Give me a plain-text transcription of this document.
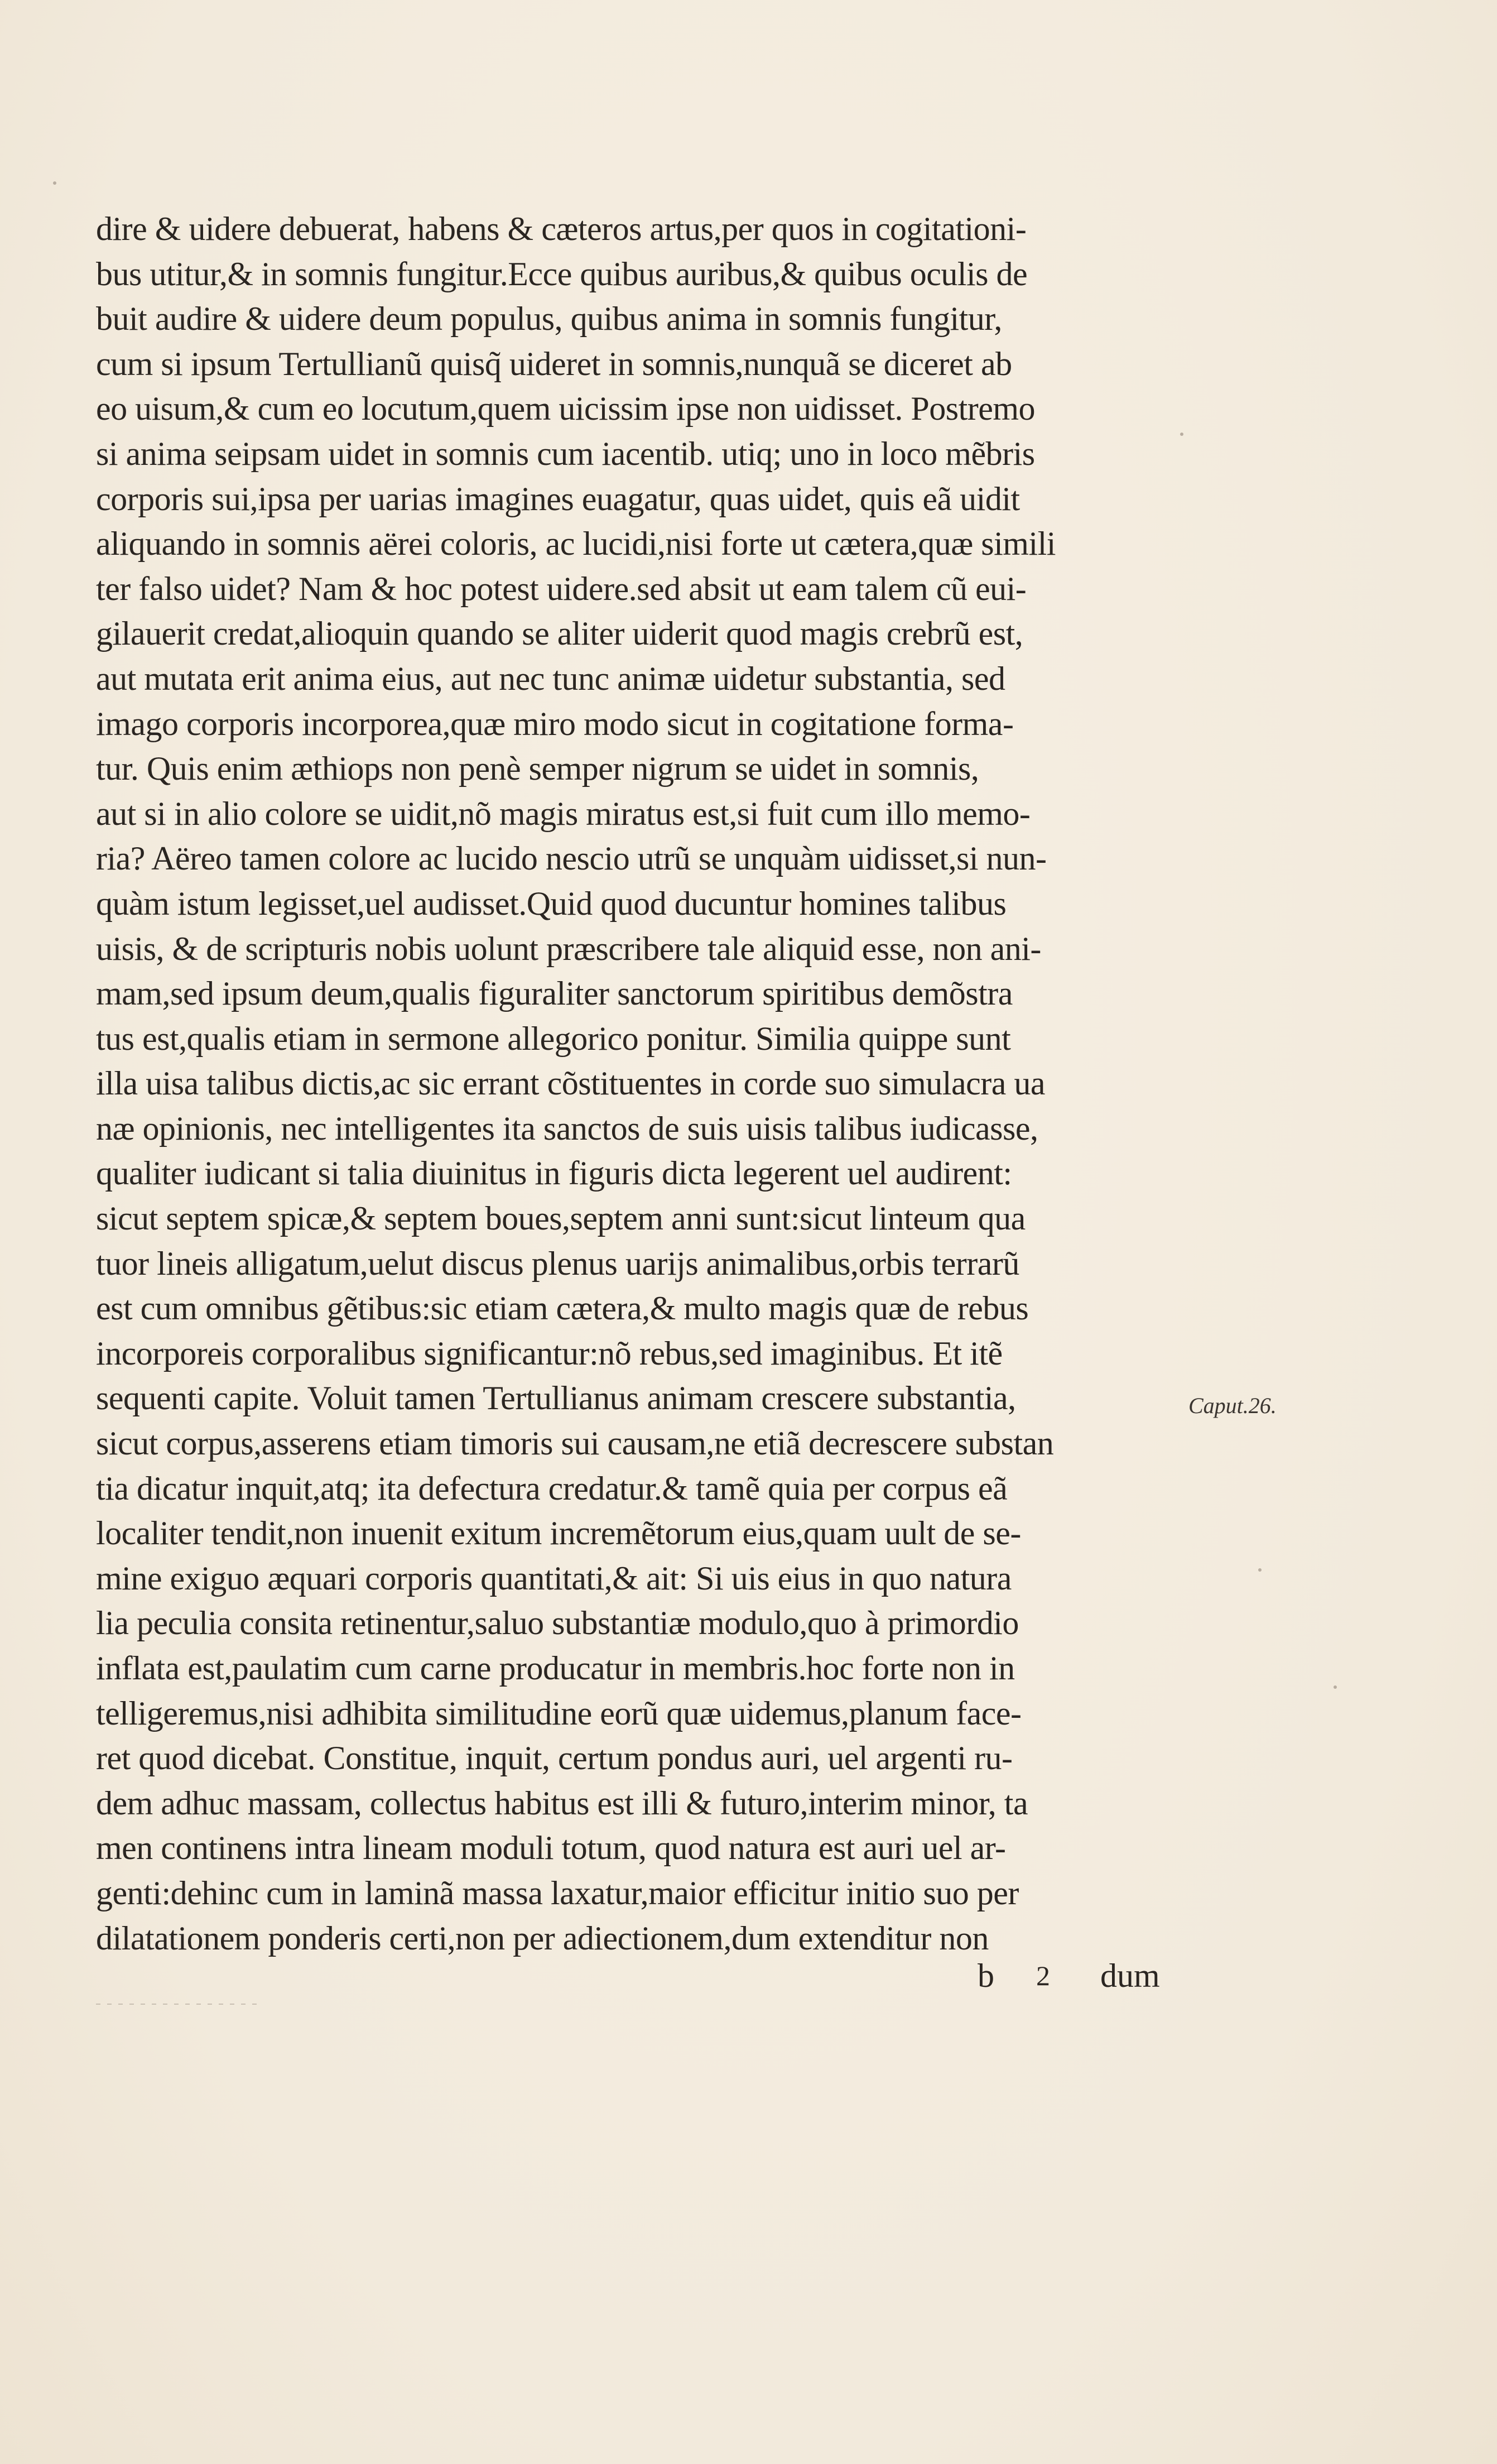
dire & uidere debuerat, habens & cæteros artus,per quos in cogitationi-
bus utitur,& in somnis fungitur.Ecce quibus auribus,& quibus oculis de
buit audire & uidere deum populus, quibus anima in somnis fungitur,
cum si ipsum Tertullianũ quisq̃ uideret in somnis,nunquã se diceret ab
eo uisum,& cum eo locutum,quem uicissim ipse non uidisset. Postremo
si anima seipsam uidet in somnis cum iacentib. utiq; uno in loco mẽbris
corporis sui,ipsa per uarias imagines euagatur, quas uidet, quis eã uidit
aliquando in somnis aërei coloris, ac lucidi,nisi forte ut cætera,quæ simili
ter falso uidet? Nam & hoc potest uidere.sed absit ut eam talem cũ eui-
gilauerit credat,alioquin quando se aliter uiderit quod magis crebrũ est,
aut mutata erit anima eius, aut nec tunc animæ uidetur substantia, sed
imago corporis incorporea,quæ miro modo sicut in cogitatione forma-
tur. Quis enim æthiops non penè semper nigrum se uidet in somnis,
aut si in alio colore se uidit,nõ magis miratus est,si fuit cum illo memo-
ria? Aëreo tamen colore ac lucido nescio utrũ se unquàm uidisset,si nun-
quàm istum legisset,uel audisset.Quid quod ducuntur homines talibus
uisis, & de scripturis nobis uolunt præscribere tale aliquid esse, non ani-
mam,sed ipsum deum,qualis figuraliter sanctorum spiritibus demõstra
tus est,qualis etiam in sermone allegorico ponitur. Similia quippe sunt
illa uisa talibus dictis,ac sic errant cõstituentes in corde suo simulacra ua
næ opinionis, nec intelligentes ita sanctos de suis uisis talibus iudicasse,
qualiter iudicant si talia diuinitus in figuris dicta legerent uel audirent:
sicut septem spicæ,& septem boues,septem anni sunt:sicut linteum qua
tuor lineis alligatum,uelut discus plenus uarijs animalibus,orbis terrarũ
est cum omnibus gẽtibus:sic etiam cætera,& multo magis quæ de rebus
incorporeis corporalibus significantur:nõ rebus,sed imaginibus. Et itẽ
sequenti capite. Voluit tamen Tertullianus animam crescere substantia,
sicut corpus,asserens etiam timoris sui causam,ne etiã decrescere substan
tia dicatur inquit,atq; ita defectura credatur.& tamẽ quia per corpus eã
localiter tendit,non inuenit exitum incremẽtorum eius,quam uult de se-
mine exiguo æquari corporis quantitati,& ait: Si uis eius in quo natura
lia peculia consita retinentur,saluo substantiæ modulo,quo à primordio
inflata est,paulatim cum carne producatur in membris.hoc forte non in
telligeremus,nisi adhibita similitudine eorũ quæ uidemus,planum face-
ret quod dicebat. Constitue, inquit, certum pondus auri, uel argenti ru-
dem adhuc massam, collectus habitus est illi & futuro,interim minor, ta
men continens intra lineam moduli totum, quod natura est auri uel ar-
genti:dehinc cum in laminã massa laxatur,maior efficitur initio suo per
dilatationem ponderis certi,non per adiectionem,dum extenditur non
Caput.26.
b 2 dum
